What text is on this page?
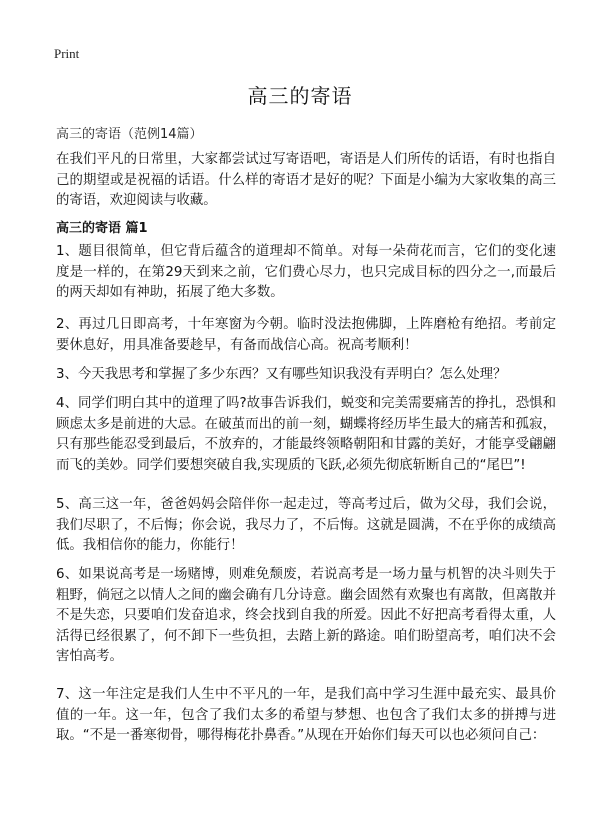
Print
高三的寄语
高三的寄语（范例14篇）

在我们平凡的日常里，大家都尝试过写寄语吧，寄语是人们所传的话语，有时也指自己的期望或是祝福的话语。什么样的寄语才是好的呢？下面是小编为大家收集的高三的寄语，欢迎阅读与收藏。

高三的寄语 篇1

1、题目很简单，但它背后蕴含的道理却不简单。对每一朵荷花而言，它们的变化速度是一样的，在第29天到来之前，它们费心尽力，也只完成目标的四分之一,而最后的两天却如有神助，拓展了绝大多数。

2、再过几日即高考，十年寒窗为今朝。临时没法抱佛脚，上阵磨枪有绝招。考前定要休息好，用具准备要趁早，有备而战信心高。祝高考顺利！

3、今天我思考和掌握了多少东西？又有哪些知识我没有弄明白？怎么处理？

4、同学们明白其中的道理了吗?故事告诉我们，蜕变和完美需要痛苦的挣扎，恐惧和顾虑太多是前进的大忌。在破茧而出的前一刻，蝴蝶将经历毕生最大的痛苦和孤寂，只有那些能忍受到最后，不放弃的，才能最终领略朝阳和甘露的美好，才能享受翩翩而飞的美妙。同学们要想突破自我,实现质的飞跃,必须先彻底斩断自己的“尾巴”!

5、高三这一年，爸爸妈妈会陪伴你一起走过，等高考过后，做为父母，我们会说，我们尽职了，不后悔；你会说，我尽力了，不后悔。这就是圆满，不在乎你的成绩高低。我相信你的能力，你能行！

6、如果说高考是一场赌博，则难免颓废，若说高考是一场力量与机智的决斗则失于粗野，倘冠之以情人之间的幽会确有几分诗意。幽会固然有欢聚也有离散，但离散并不是失恋，只要咱们发奋追求，终会找到自我的所爱。因此不好把高考看得太重，人活得已经很累了，何不卸下一些负担，去踏上新的路途。咱们盼望高考，咱们决不会害怕高考。

7、这一年注定是我们人生中不平凡的一年，是我们高中学习生涯中最充实、最具价值的一年。这一年，包含了我们太多的希望与梦想、也包含了我们太多的拼搏与进取。“不是一番寒彻骨，哪得梅花扑鼻香。”从现在开始你们每天可以也必须问自己：
